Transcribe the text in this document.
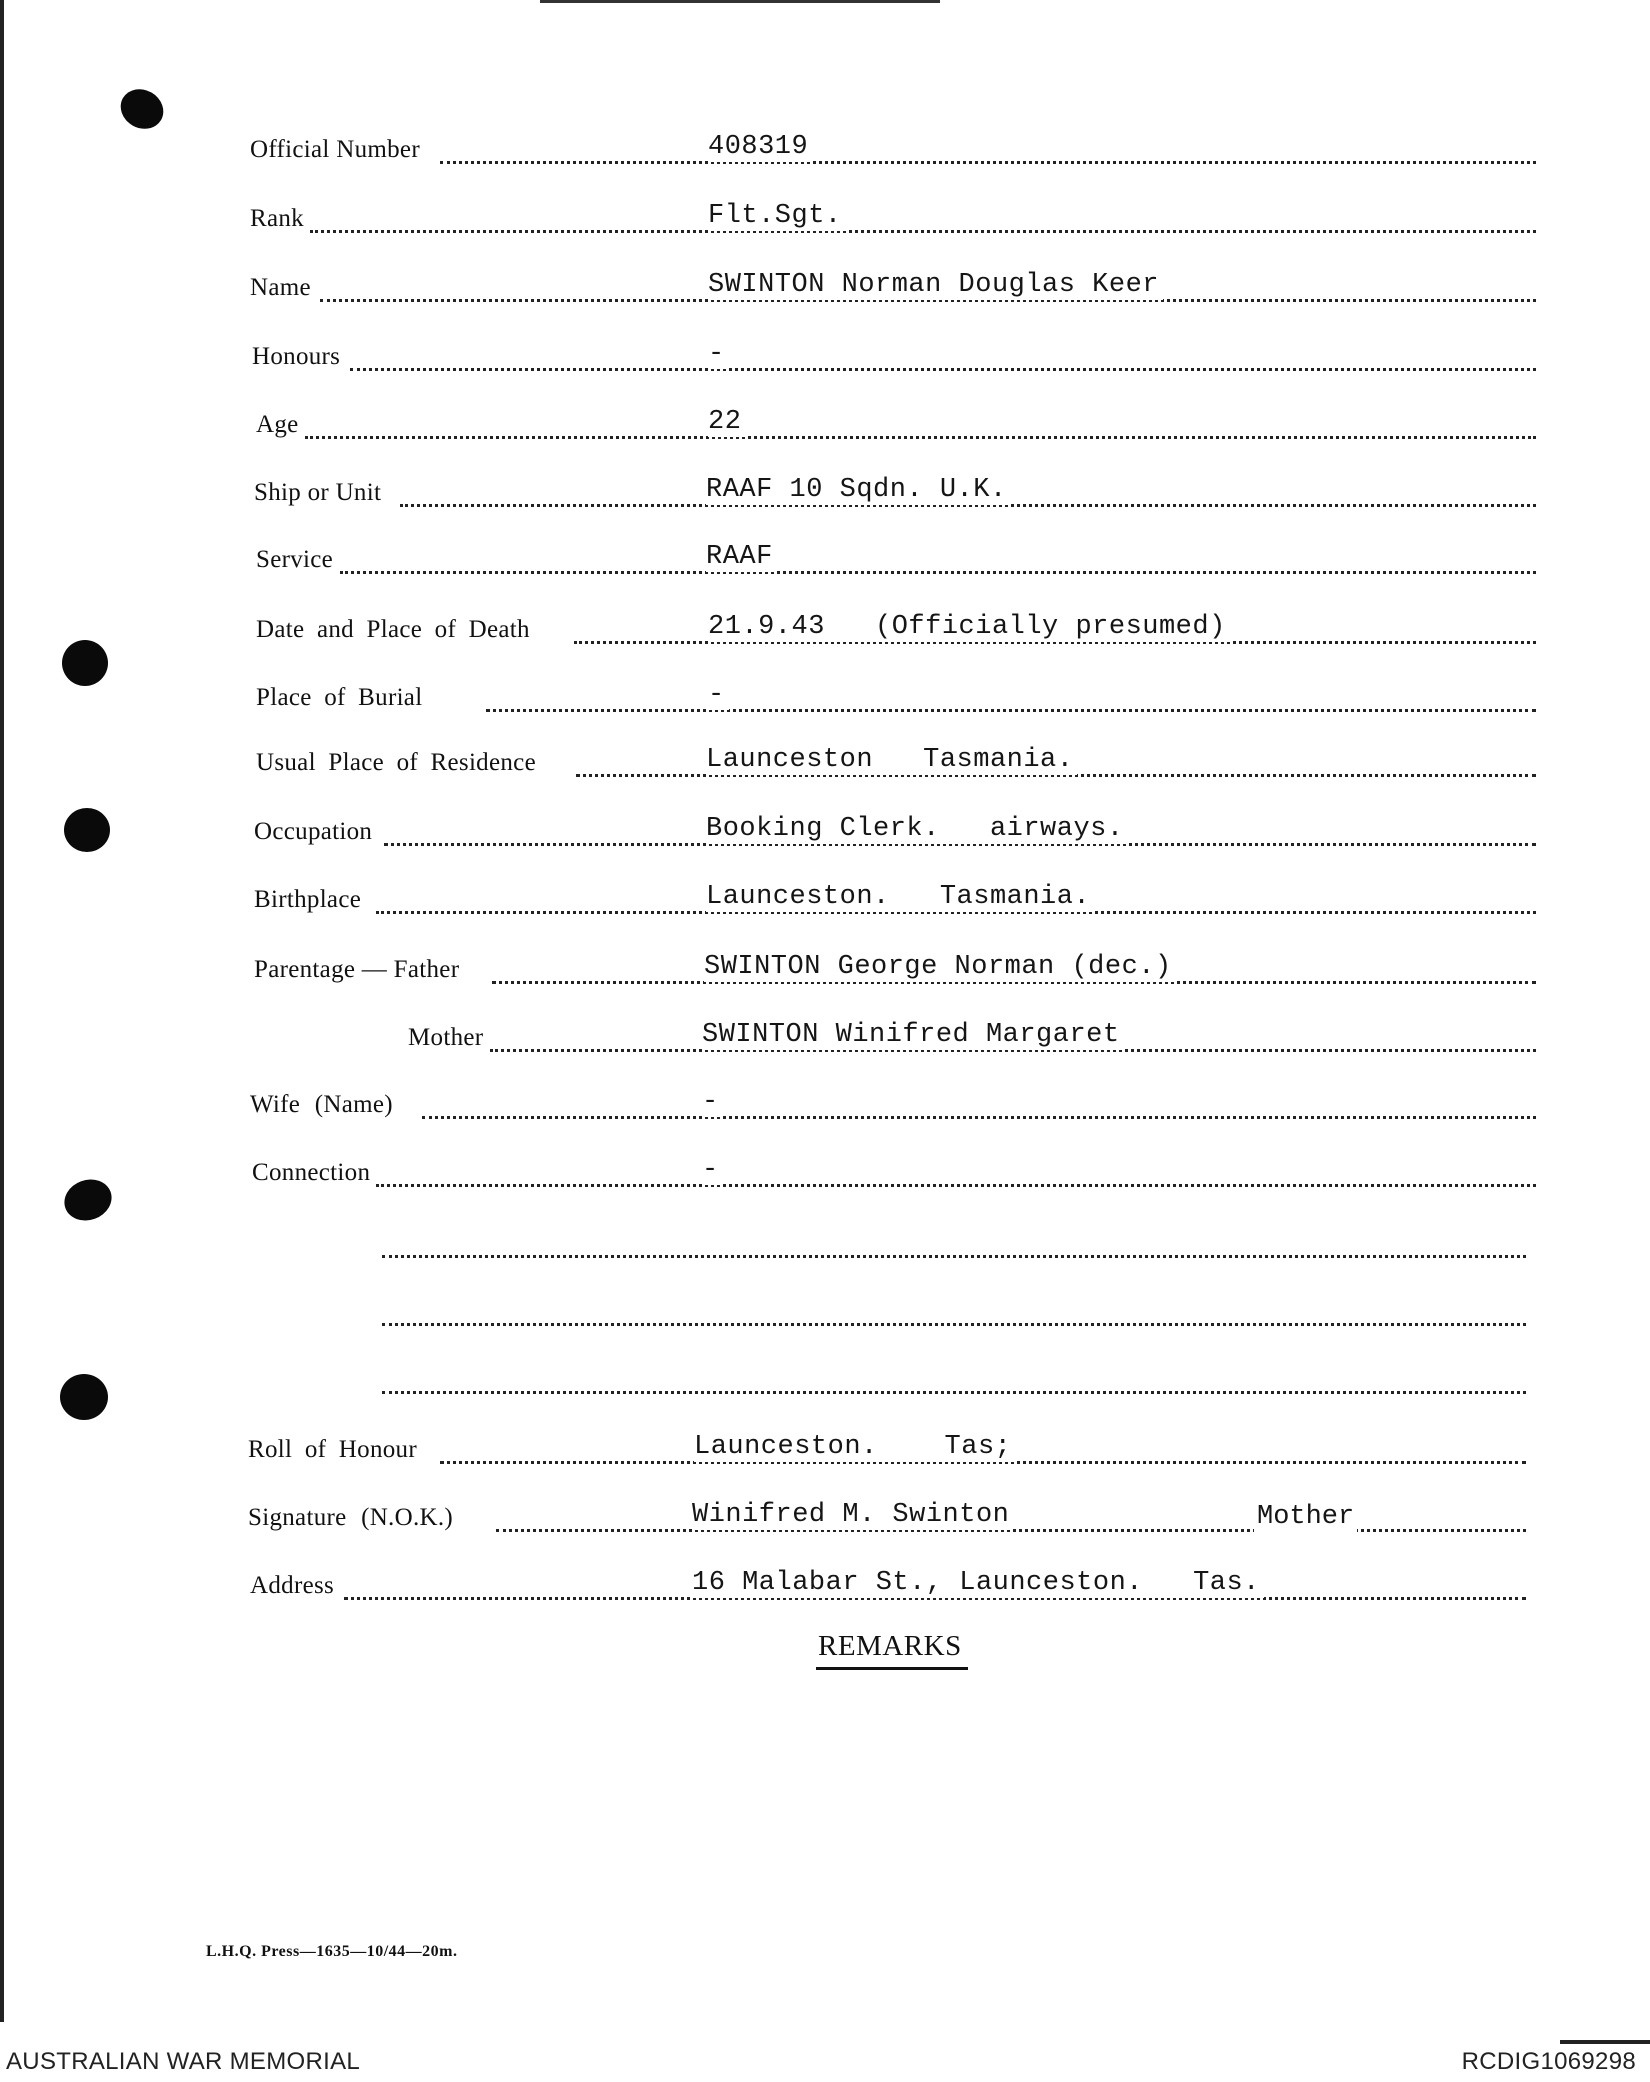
Official Number	408319
Rank	Flt.Sgt.
Name	SWINTON Norman Douglas Keer
Honours	-
Age	22
Ship or Unit	RAAF 10 Sqdn. U.K.
Service	RAAF
Date and Place of Death	21.9.43   (Officially presumed)
Place of Burial	-
Usual Place of Residence	Launceston   Tasmania.
Occupation	Booking Clerk.   airways.
Birthplace	Launceston.   Tasmania.
Parentage — Father	SWINTON George Norman (dec.)
Mother	SWINTON Winifred Margaret
Wife (Name)	-
Connection	-
Roll of Honour	Launceston.    Tas;
Signature (N.O.K.)	Winifred M. Swinton	Mother
Address	16 Malabar St., Launceston.   Tas.
REMARKS
L.H.Q. Press—1635—10/44—20m.
AUSTRALIAN WAR MEMORIAL	RCDIG1069298
